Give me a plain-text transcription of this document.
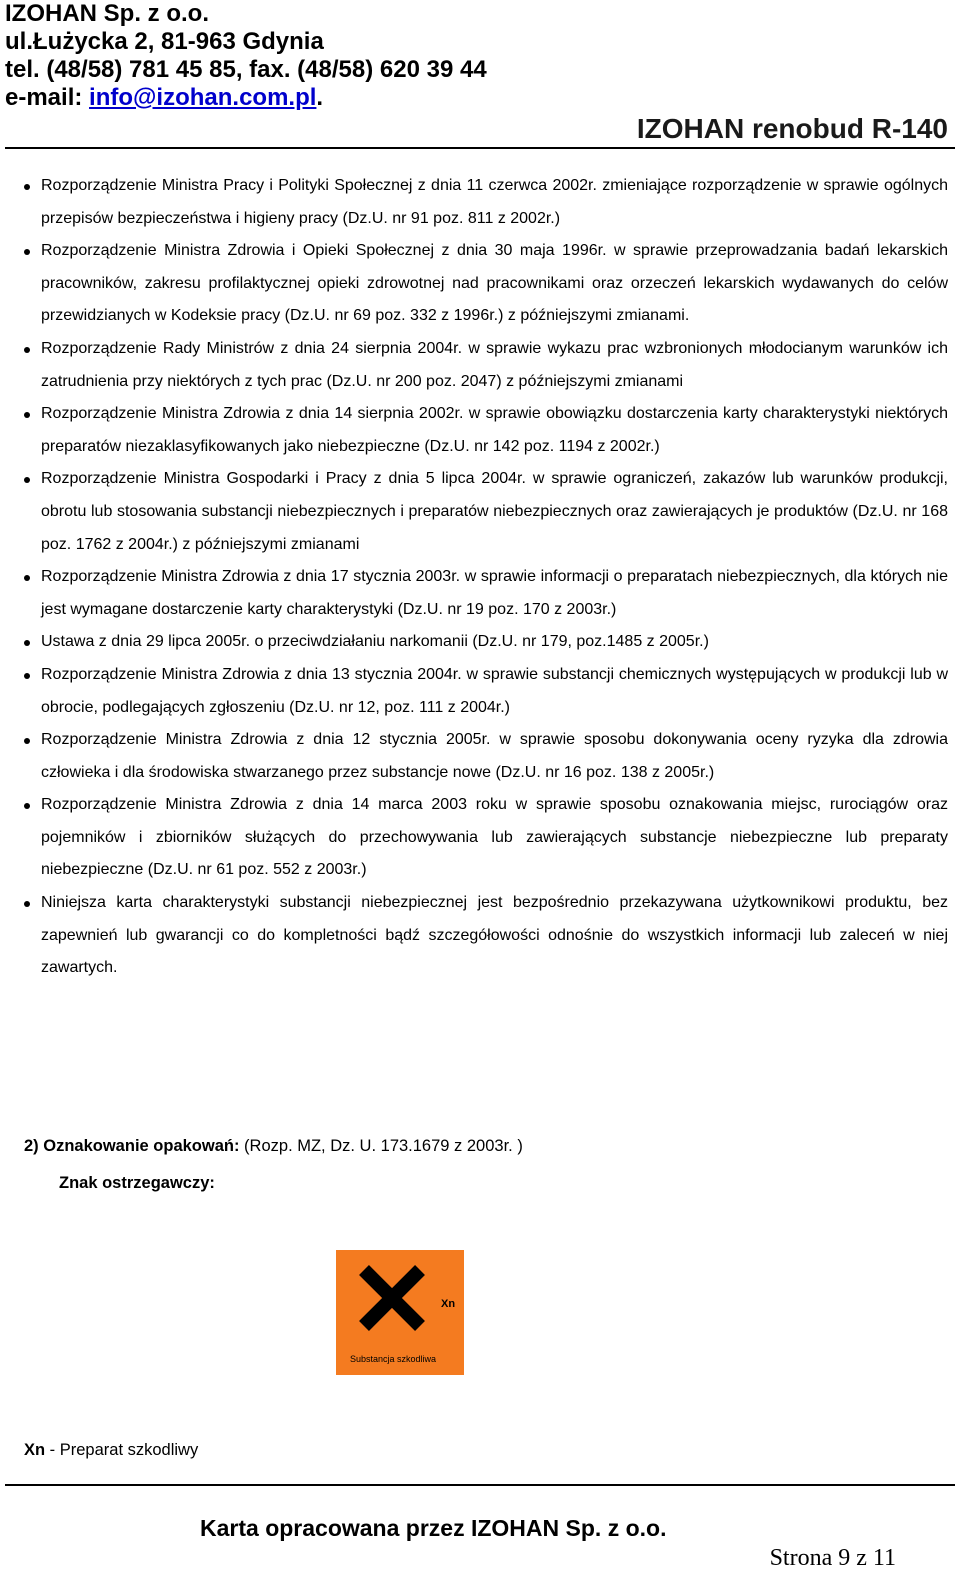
IZOHAN Sp. z o.o.
ul.Łużycka 2, 81-963 Gdynia
tel. (48/58) 781 45 85, fax. (48/58) 620 39 44
e-mail: info@izohan.com.pl.
IZOHAN renobud R-140
Rozporządzenie Ministra Pracy i Polityki Społecznej z dnia 11 czerwca 2002r. zmieniające rozporządzenie w sprawie ogólnych przepisów bezpieczeństwa i higieny pracy (Dz.U. nr 91 poz. 811 z 2002r.)
Rozporządzenie Ministra Zdrowia i Opieki Społecznej z dnia 30 maja 1996r. w sprawie przeprowadzania badań lekarskich pracowników, zakresu profilaktycznej opieki zdrowotnej nad pracownikami oraz orzeczeń lekarskich wydawanych do celów przewidzianych w Kodeksie pracy (Dz.U. nr 69 poz. 332 z 1996r.) z późniejszymi zmianami.
Rozporządzenie Rady Ministrów z dnia 24 sierpnia 2004r. w sprawie wykazu prac wzbronionych młodocianym warunków ich zatrudnienia przy niektórych z tych prac (Dz.U. nr 200 poz. 2047) z późniejszymi zmianami
Rozporządzenie Ministra Zdrowia z dnia 14 sierpnia 2002r. w sprawie obowiązku dostarczenia karty charakterystyki niektórych preparatów niezaklasyfikowanych jako niebezpieczne (Dz.U. nr 142 poz. 1194 z 2002r.)
Rozporządzenie Ministra Gospodarki i Pracy z dnia 5 lipca 2004r. w sprawie ograniczeń, zakazów lub warunków produkcji, obrotu lub stosowania substancji niebezpiecznych i preparatów niebezpiecznych oraz zawierających je produktów (Dz.U. nr 168 poz. 1762 z 2004r.) z późniejszymi zmianami
Rozporządzenie Ministra Zdrowia z dnia 17 stycznia 2003r. w sprawie informacji o preparatach niebezpiecznych, dla których nie jest wymagane dostarczenie karty charakterystyki (Dz.U. nr 19 poz. 170 z 2003r.)
Ustawa z dnia 29 lipca 2005r. o przeciwdziałaniu narkomanii (Dz.U. nr 179, poz.1485 z 2005r.)
Rozporządzenie Ministra Zdrowia z dnia 13 stycznia 2004r. w sprawie substancji chemicznych występujących w produkcji lub w obrocie, podlegających zgłoszeniu (Dz.U. nr 12, poz. 111 z 2004r.)
Rozporządzenie Ministra Zdrowia z dnia 12 stycznia 2005r. w sprawie sposobu dokonywania oceny ryzyka dla zdrowia człowieka i dla środowiska stwarzanego przez substancje nowe (Dz.U. nr 16 poz. 138 z 2005r.)
Rozporządzenie Ministra Zdrowia z dnia 14 marca 2003 roku w sprawie sposobu oznakowania miejsc, rurociągów oraz pojemników i zbiorników służących do przechowywania lub zawierających substancje niebezpieczne lub preparaty niebezpieczne (Dz.U. nr 61 poz. 552 z 2003r.)
Niniejsza karta charakterystyki substancji niebezpiecznej jest bezpośrednio przekazywana użytkownikowi produktu, bez zapewnień lub gwarancji co do kompletności bądź szczegółowości odnośnie do wszystkich informacji lub zaleceń w niej zawartych.
2) Oznakowanie opakowań: (Rozp. MZ, Dz. U. 173.1679 z 2003r. )
Znak ostrzegawczy:
Xn
Substancja szkodliwa
Xn - Preparat szkodliwy
Karta opracowana przez IZOHAN Sp. z o.o.
Strona 9 z 11
